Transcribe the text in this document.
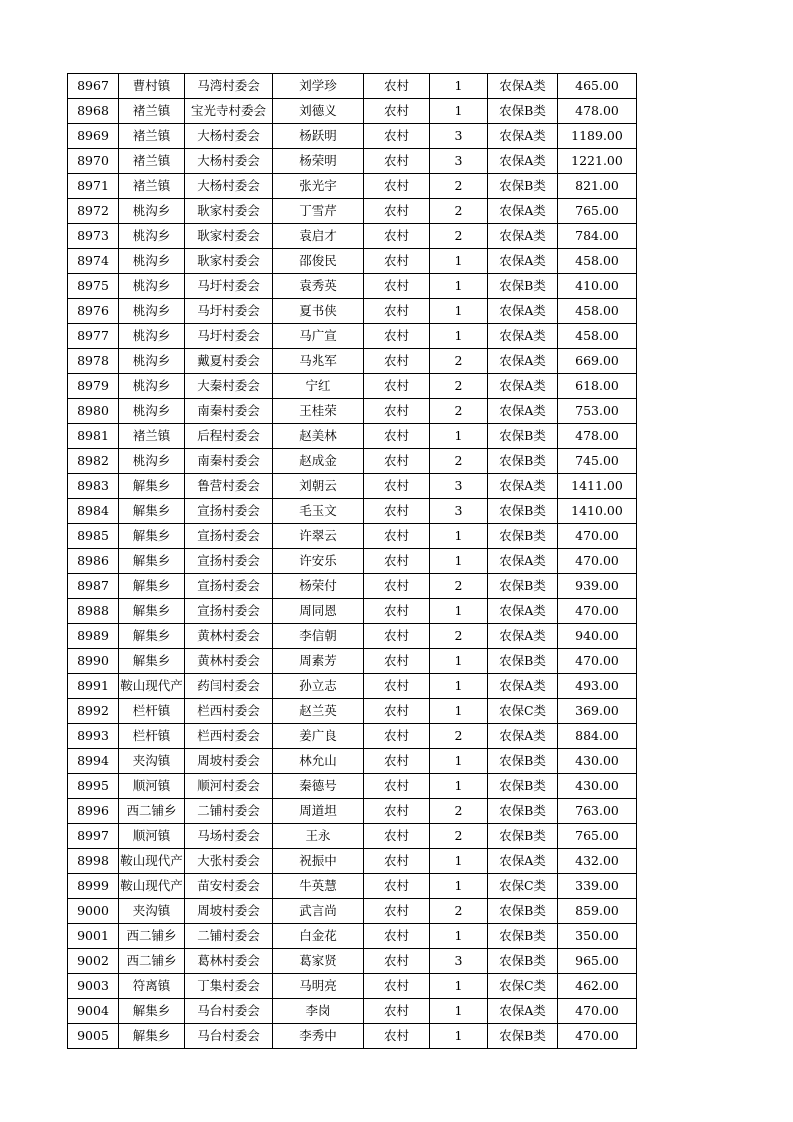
8967	曹村镇	马湾村委会	刘学珍	农村	1	农保A类	465.00
8968	褚兰镇	宝光寺村委会	刘德义	农村	1	农保B类	478.00
8969	褚兰镇	大杨村委会	杨跃明	农村	3	农保A类	1189.00
8970	褚兰镇	大杨村委会	杨荣明	农村	3	农保A类	1221.00
8971	褚兰镇	大杨村委会	张光宇	农村	2	农保B类	821.00
8972	桃沟乡	耿家村委会	丁雪芹	农村	2	农保A类	765.00
8973	桃沟乡	耿家村委会	袁启才	农村	2	农保A类	784.00
8974	桃沟乡	耿家村委会	邵俊民	农村	1	农保A类	458.00
8975	桃沟乡	马圩村委会	袁秀英	农村	1	农保B类	410.00
8976	桃沟乡	马圩村委会	夏书侠	农村	1	农保A类	458.00
8977	桃沟乡	马圩村委会	马广宣	农村	1	农保A类	458.00
8978	桃沟乡	戴夏村委会	马兆军	农村	2	农保A类	669.00
8979	桃沟乡	大秦村委会	宁红	农村	2	农保A类	618.00
8980	桃沟乡	南秦村委会	王桂荣	农村	2	农保A类	753.00
8981	褚兰镇	后程村委会	赵美林	农村	1	农保B类	478.00
8982	桃沟乡	南秦村委会	赵成金	农村	2	农保B类	745.00
8983	解集乡	鲁营村委会	刘朝云	农村	3	农保A类	1411.00
8984	解集乡	宣扬村委会	毛玉文	农村	3	农保B类	1410.00
8985	解集乡	宣扬村委会	许翠云	农村	1	农保B类	470.00
8986	解集乡	宣扬村委会	许安乐	农村	1	农保A类	470.00
8987	解集乡	宣扬村委会	杨荣付	农村	2	农保B类	939.00
8988	解集乡	宣扬村委会	周同恩	农村	1	农保A类	470.00
8989	解集乡	黄林村委会	李信朝	农村	2	农保A类	940.00
8990	解集乡	黄林村委会	周素芳	农村	1	农保B类	470.00
8991	鞍山现代产	药闫村委会	孙立志	农村	1	农保A类	493.00
8992	栏杆镇	栏西村委会	赵兰英	农村	1	农保C类	369.00
8993	栏杆镇	栏西村委会	姜广良	农村	2	农保A类	884.00
8994	夹沟镇	周坡村委会	林允山	农村	1	农保B类	430.00
8995	顺河镇	顺河村委会	秦德号	农村	1	农保B类	430.00
8996	西二铺乡	二铺村委会	周道坦	农村	2	农保B类	763.00
8997	顺河镇	马场村委会	王永	农村	2	农保B类	765.00
8998	鞍山现代产	大张村委会	祝振中	农村	1	农保A类	432.00
8999	鞍山现代产	苗安村委会	牛英慧	农村	1	农保C类	339.00
9000	夹沟镇	周坡村委会	武言尚	农村	2	农保B类	859.00
9001	西二铺乡	二铺村委会	白金花	农村	1	农保B类	350.00
9002	西二铺乡	葛林村委会	葛家贤	农村	3	农保B类	965.00
9003	符离镇	丁集村委会	马明亮	农村	1	农保C类	462.00
9004	解集乡	马台村委会	李岗	农村	1	农保A类	470.00
9005	解集乡	马台村委会	李秀中	农村	1	农保B类	470.00
